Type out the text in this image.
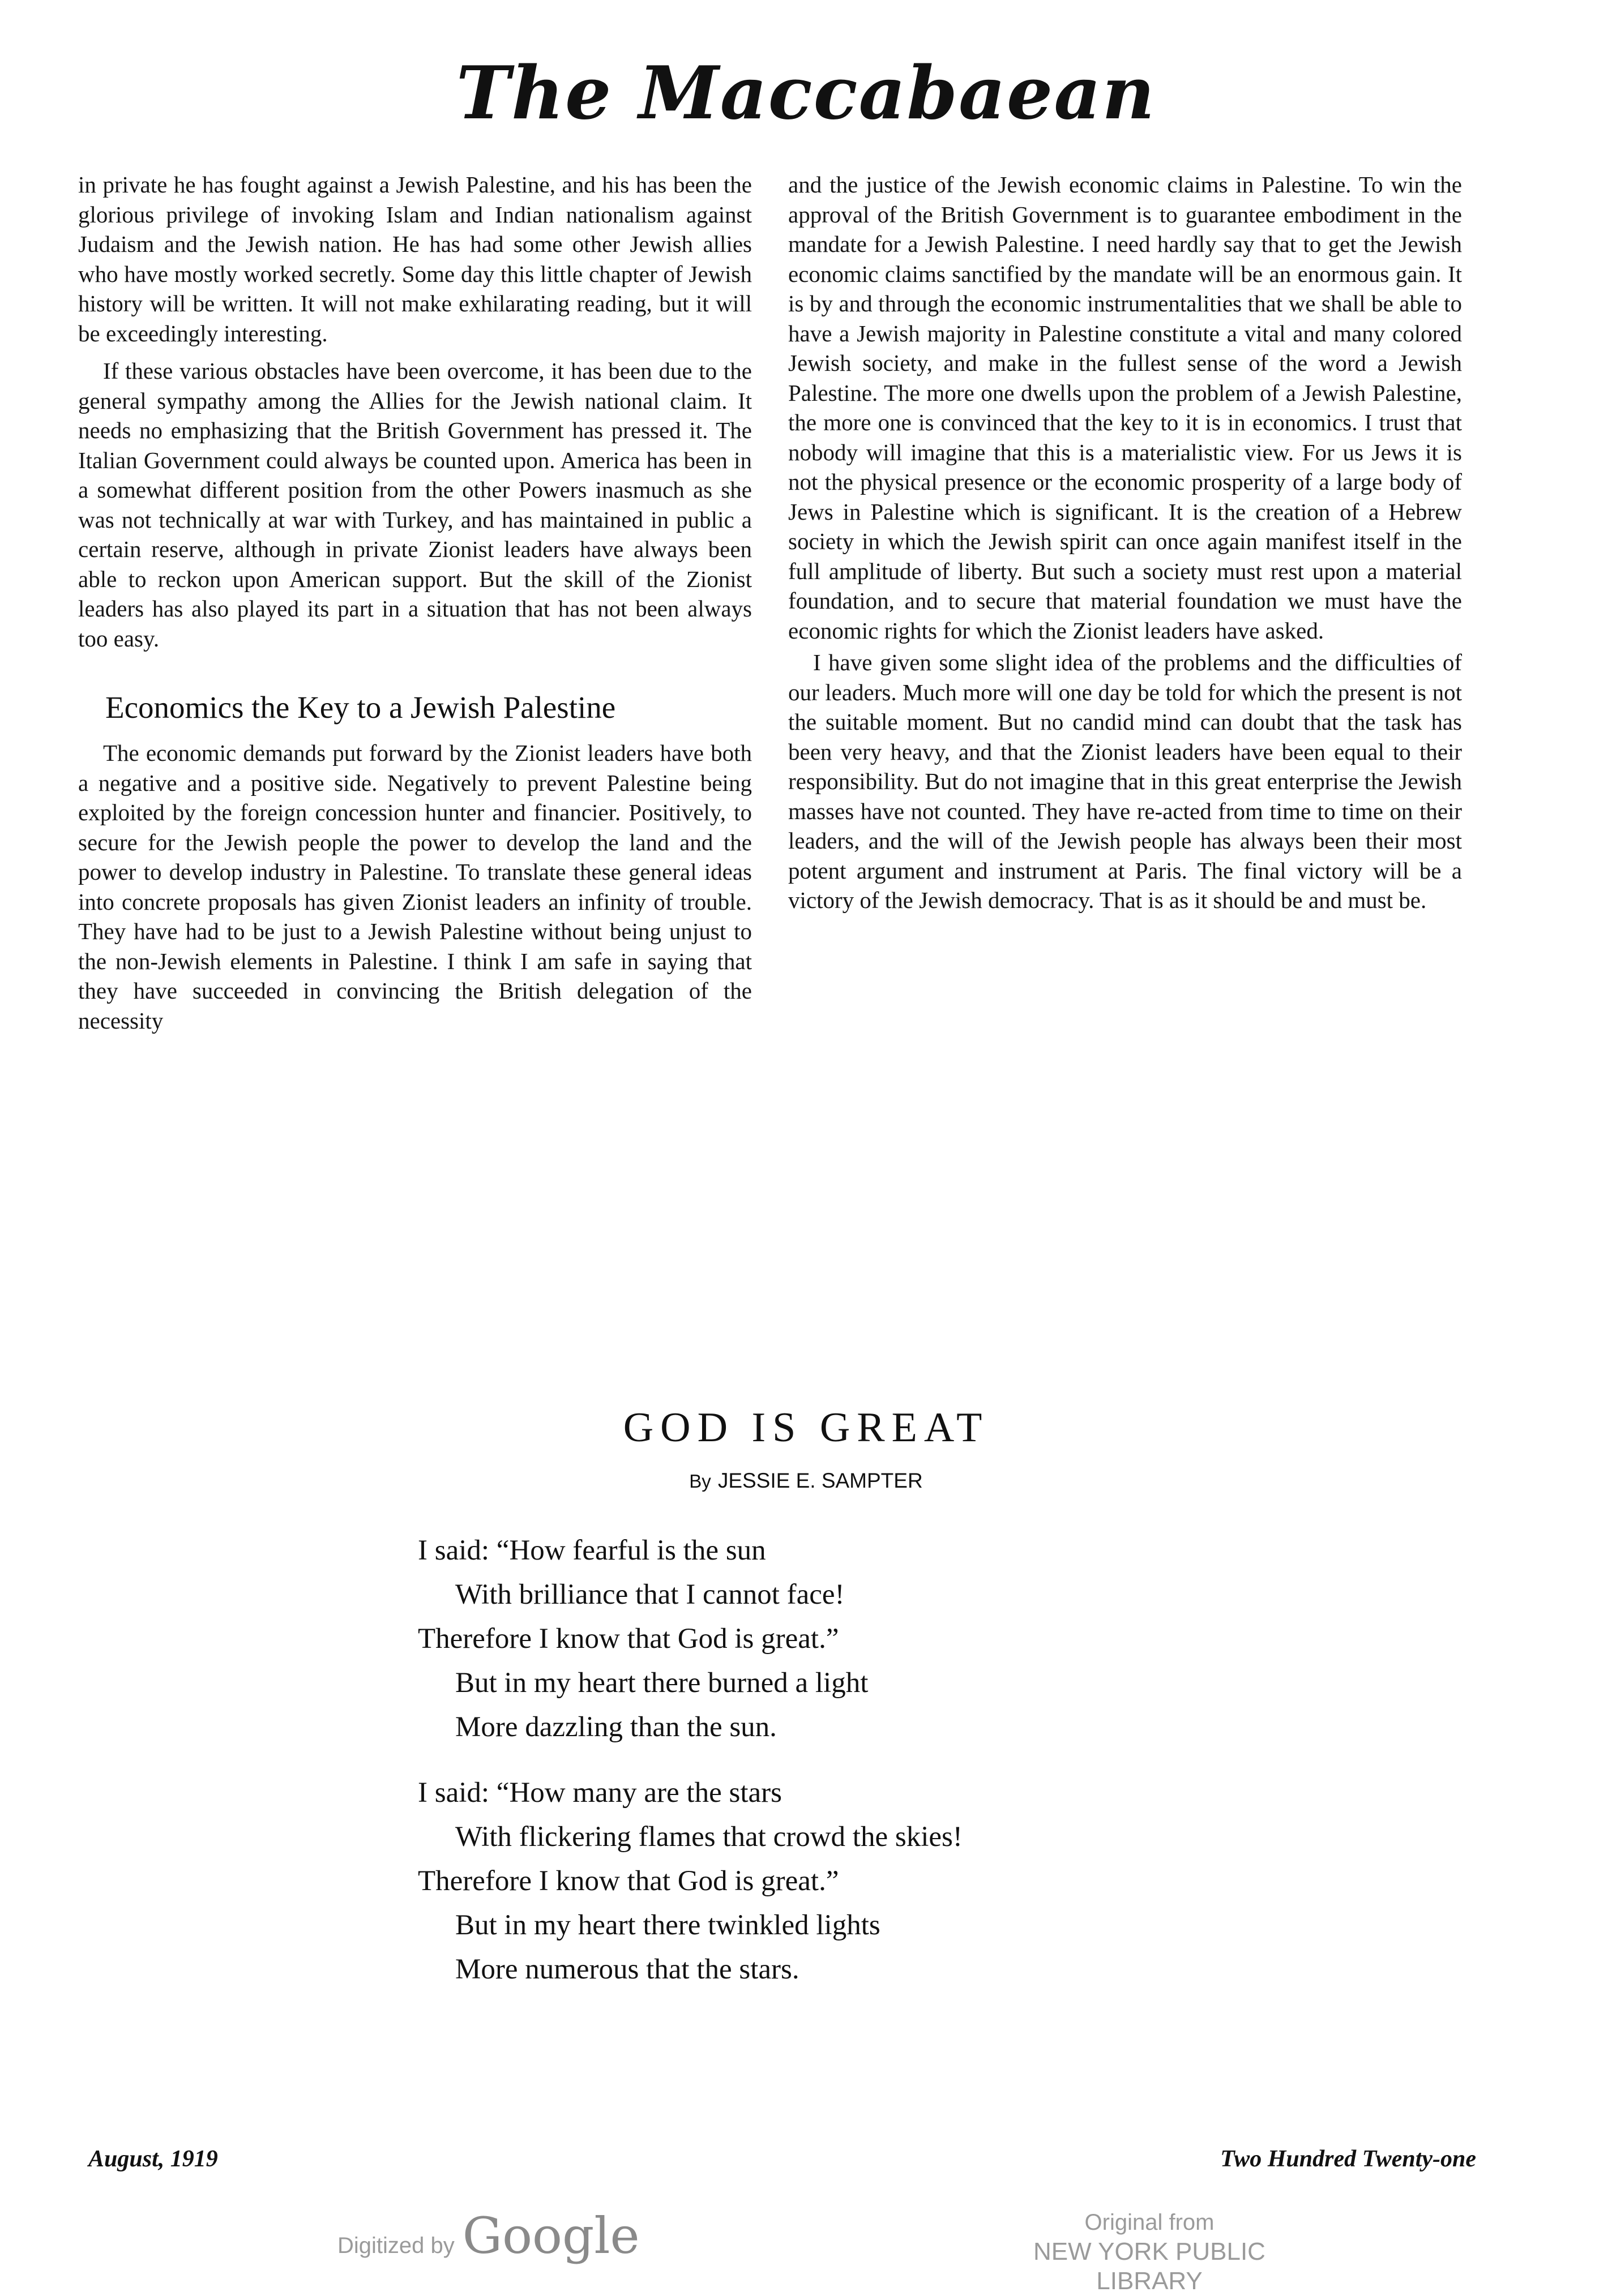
The Maccabaean

in private he has fought against a Jewish Palestine, and his has been the glorious privilege of invoking Islam and Indian nationalism against Judaism and the Jewish nation. He has had some other Jewish allies who have mostly worked secretly. Some day this little chapter of Jewish history will be written. It will not make exhilarating reading, but it will be exceedingly interesting.

If these various obstacles have been overcome, it has been due to the general sympathy among the Allies for the Jewish national claim. It needs no emphasizing that the British Government has pressed it. The Italian Government could always be counted upon. America has been in a somewhat different position from the other Powers inasmuch as she was not technically at war with Turkey, and has maintained in public a certain reserve, although in private Zionist leaders have always been able to reckon upon American support. But the skill of the Zionist leaders has also played its part in a situation that has not been always too easy.

Economics the Key to a Jewish Palestine

The economic demands put forward by the Zionist leaders have both a negative and a positive side. Negatively to prevent Palestine being exploited by the foreign concession hunter and financier. Positively, to secure for the Jewish people the power to develop the land and the power to develop industry in Palestine. To translate these general ideas into concrete proposals has given Zionist leaders an infinity of trouble. They have had to be just to a Jewish Palestine without being unjust to the non-Jewish elements in Palestine. I think I am safe in saying that they have succeeded in convincing the British delegation of the necessity

and the justice of the Jewish economic claims in Palestine. To win the approval of the British Government is to guarantee embodiment in the mandate for a Jewish Palestine. I need hardly say that to get the Jewish economic claims sanctified by the mandate will be an enormous gain. It is by and through the economic instrumentalities that we shall be able to have a Jewish majority in Palestine constitute a vital and many colored Jewish society, and make in the fullest sense of the word a Jewish Palestine. The more one dwells upon the problem of a Jewish Palestine, the more one is convinced that the key to it is in economics. I trust that nobody will imagine that this is a materialistic view. For us Jews it is not the physical presence or the economic prosperity of a large body of Jews in Palestine which is significant. It is the creation of a Hebrew society in which the Jewish spirit can once again manifest itself in the full amplitude of liberty. But such a society must rest upon a material foundation, and to secure that material foundation we must have the economic rights for which the Zionist leaders have asked.

I have given some slight idea of the problems and the difficulties of our leaders. Much more will one day be told for which the present is not the suitable moment. But no candid mind can doubt that the task has been very heavy, and that the Zionist leaders have been equal to their responsibility. But do not imagine that in this great enterprise the Jewish masses have not counted. They have re-acted from time to time on their leaders, and the will of the Jewish people has always been their most potent argument and instrument at Paris. The final victory will be a victory of the Jewish democracy. That is as it should be and must be.

GOD IS GREAT
By JESSIE E. SAMPTER
I said: “How fearful is the sun
With brilliance that I cannot face!
Therefore I know that God is great.”
But in my heart there burned a light
More dazzling than the sun.
I said: “How many are the stars
With flickering flames that crowd the skies!
Therefore I know that God is great.”
But in my heart there twinkled lights
More numerous that the stars.
August, 1919	Two Hundred Twenty-one
Digitized by Google	Original from
NEW YORK PUBLIC LIBRARY
